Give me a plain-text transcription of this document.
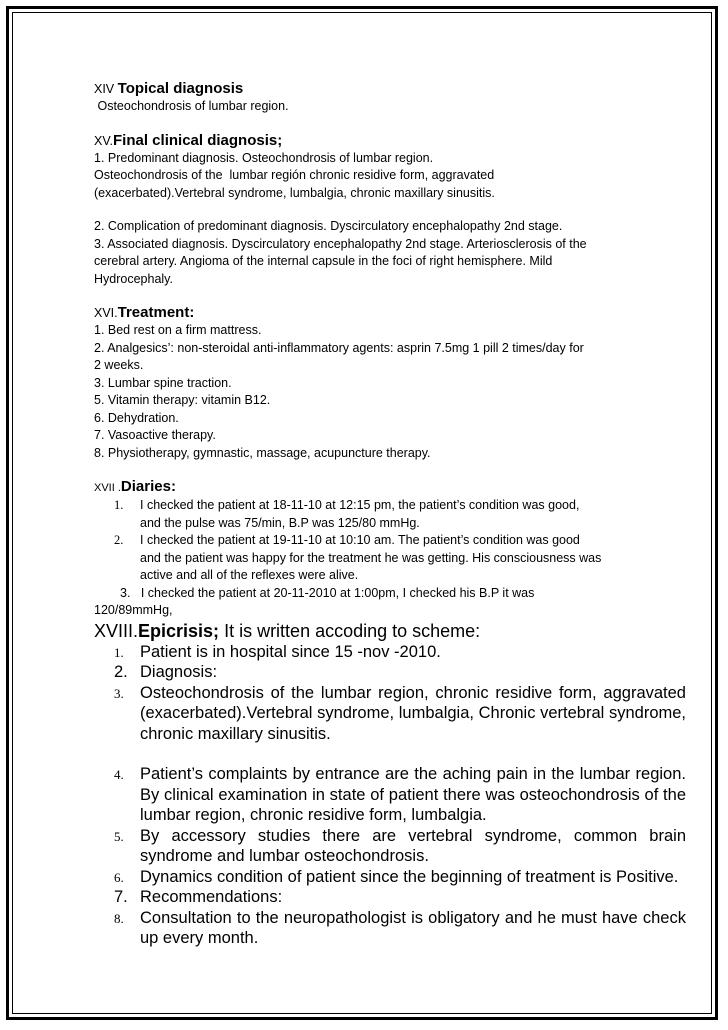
XIV Topical diagnosis

Osteochondrosis of lumbar region.

XV.Final clinical diagnosis;

1. Predominant diagnosis. Osteochondrosis of lumbar region.

Osteochondrosis of the  lumbar región chronic residive form, aggravated

(exacerbated).Vertebral syndrome, lumbalgia, chronic maxillary sinusitis.

2. Complication of predominant diagnosis. Dyscirculatory encephalopathy 2nd stage.

3. Associated diagnosis. Dyscirculatory encephalopathy 2nd stage. Arteriosclerosis of the

cerebral artery. Angioma of the internal capsule in the foci of right hemisphere. Mild

Hydrocephaly.

XVI.Treatment:

1. Bed rest on a firm mattress.

2. Analgesics’: non-steroidal anti-inflammatory agents: asprin 7.5mg 1 pill 2 times/day for

2 weeks.

3. Lumbar spine traction.

5. Vitamin therapy: vitamin B12.

6. Dehydration.

7. Vasoactive therapy.

8. Physiotherapy, gymnastic, massage, acupuncture therapy.

XVII .Diaries:
1. I checked the patient at 18-11-10 at 12:15 pm, the patient’s condition was good,
and the pulse was 75/min, B.P was 125/80 mmHg.
2. I checked the patient at 19-11-10 at 10:10 am. The patient’s condition was good
and the patient was happy for the treatment he was getting. His consciousness was
active and all of the reflexes were alive.
3.   I checked the patient at 20-11-2010 at 1:00pm, I checked his B.P it was

120/89mmHg,

XVIII.Epicrisis; It is written accoding to scheme:
1. Patient is in hospital since 15 -nov -2010.
2. Diagnosis:
3. Osteochondrosis of the lumbar region, chronic residive form, aggravated (exacerbated).Vertebral syndrome, lumbalgia, Chronic vertebral syndrome, chronic maxillary sinusitis.
4. Patient’s complaints by entrance are the aching pain in the lumbar region. By clinical examination in state of patient there was osteochondrosis of the lumbar region, chronic residive form, lumbalgia.
5. By accessory studies there are vertebral syndrome, common brain syndrome and lumbar osteochondrosis.
6. Dynamics condition of patient since the beginning of treatment is Positive.
7. Recommendations:
8. Consultation to the neuropathologist is obligatory and he must have check up every month.
